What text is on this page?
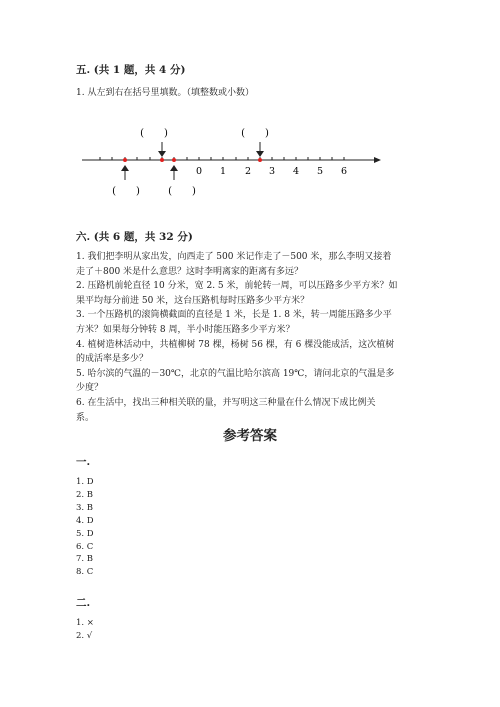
五. (共 1 题，共 4 分)
1. 从左到右在括号里填数。（填整数或小数）
(　　)	(　　)
0 1 2 3 4 5 6
(　　)	(　　)
六. (共 6 题，共 32 分)
1. 我们把李明从家出发，向西走了 500 米记作走了－500 米，那么李明又接着
走了＋800 米是什么意思？这时李明离家的距离有多远？
2. 压路机前轮直径 10 分米，宽 2. 5 米，前轮转一周，可以压路多少平方米？如
果平均每分前进 50 米，这台压路机每时压路多少平方米？
3. 一个压路机的滚筒横截面的直径是 1 米，长是 1. 8 米，转一周能压路多少平
方米？如果每分钟转 8 周，半小时能压路多少平方米？
4. 植树造林活动中，共植柳树 78 棵，杨树 56 棵，有 6 棵没能成活，这次植树
的成活率是多少？
5. 哈尔滨的气温的－30℃，北京的气温比哈尔滨高 19℃，请问北京的气温是多
少度？
6. 在生活中，找出三种相关联的量，并写明这三种量在什么情况下成比例关
系。
参考答案
一.
1. D
2. B
3. B
4. D
5. D
6. C
7. B
8. C
二.
1. ×
2. √
